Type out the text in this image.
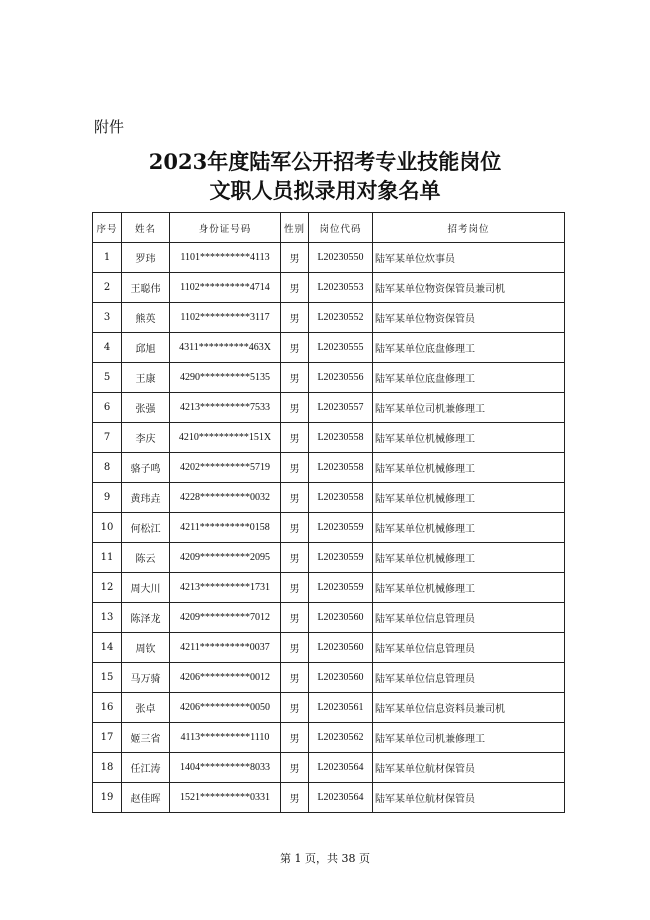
附件
2023年度陆军公开招考专业技能岗位
文职人员拟录用对象名单
序号	姓名	身份证号码	性别	岗位代码	招考岗位
1	罗玮	1101**********4113	男	L20230550	陆军某单位炊事员
2	王聪伟	1102**********4714	男	L20230553	陆军某单位物资保管员兼司机
3	熊英	1102**********3117	男	L20230552	陆军某单位物资保管员
4	邱旭	4311**********463X	男	L20230555	陆军某单位底盘修理工
5	王康	4290**********5135	男	L20230556	陆军某单位底盘修理工
6	张强	4213**********7533	男	L20230557	陆军某单位司机兼修理工
7	李庆	4210**********151X	男	L20230558	陆军某单位机械修理工
8	骆子鸣	4202**********5719	男	L20230558	陆军某单位机械修理工
9	黄玮垚	4228**********0032	男	L20230558	陆军某单位机械修理工
10	何松江	4211**********0158	男	L20230559	陆军某单位机械修理工
11	陈云	4209**********2095	男	L20230559	陆军某单位机械修理工
12	周大川	4213**********1731	男	L20230559	陆军某单位机械修理工
13	陈泽龙	4209**********7012	男	L20230560	陆军某单位信息管理员
14	周钦	4211**********0037	男	L20230560	陆军某单位信息管理员
15	马万骑	4206**********0012	男	L20230560	陆军某单位信息管理员
16	张卓	4206**********0050	男	L20230561	陆军某单位信息资料员兼司机
17	姬三省	4113**********1110	男	L20230562	陆军某单位司机兼修理工
18	任江涛	1404**********8033	男	L20230564	陆军某单位航材保管员
19	赵佳晖	1521**********0331	男	L20230564	陆军某单位航材保管员
第 1 页，共 38 页
